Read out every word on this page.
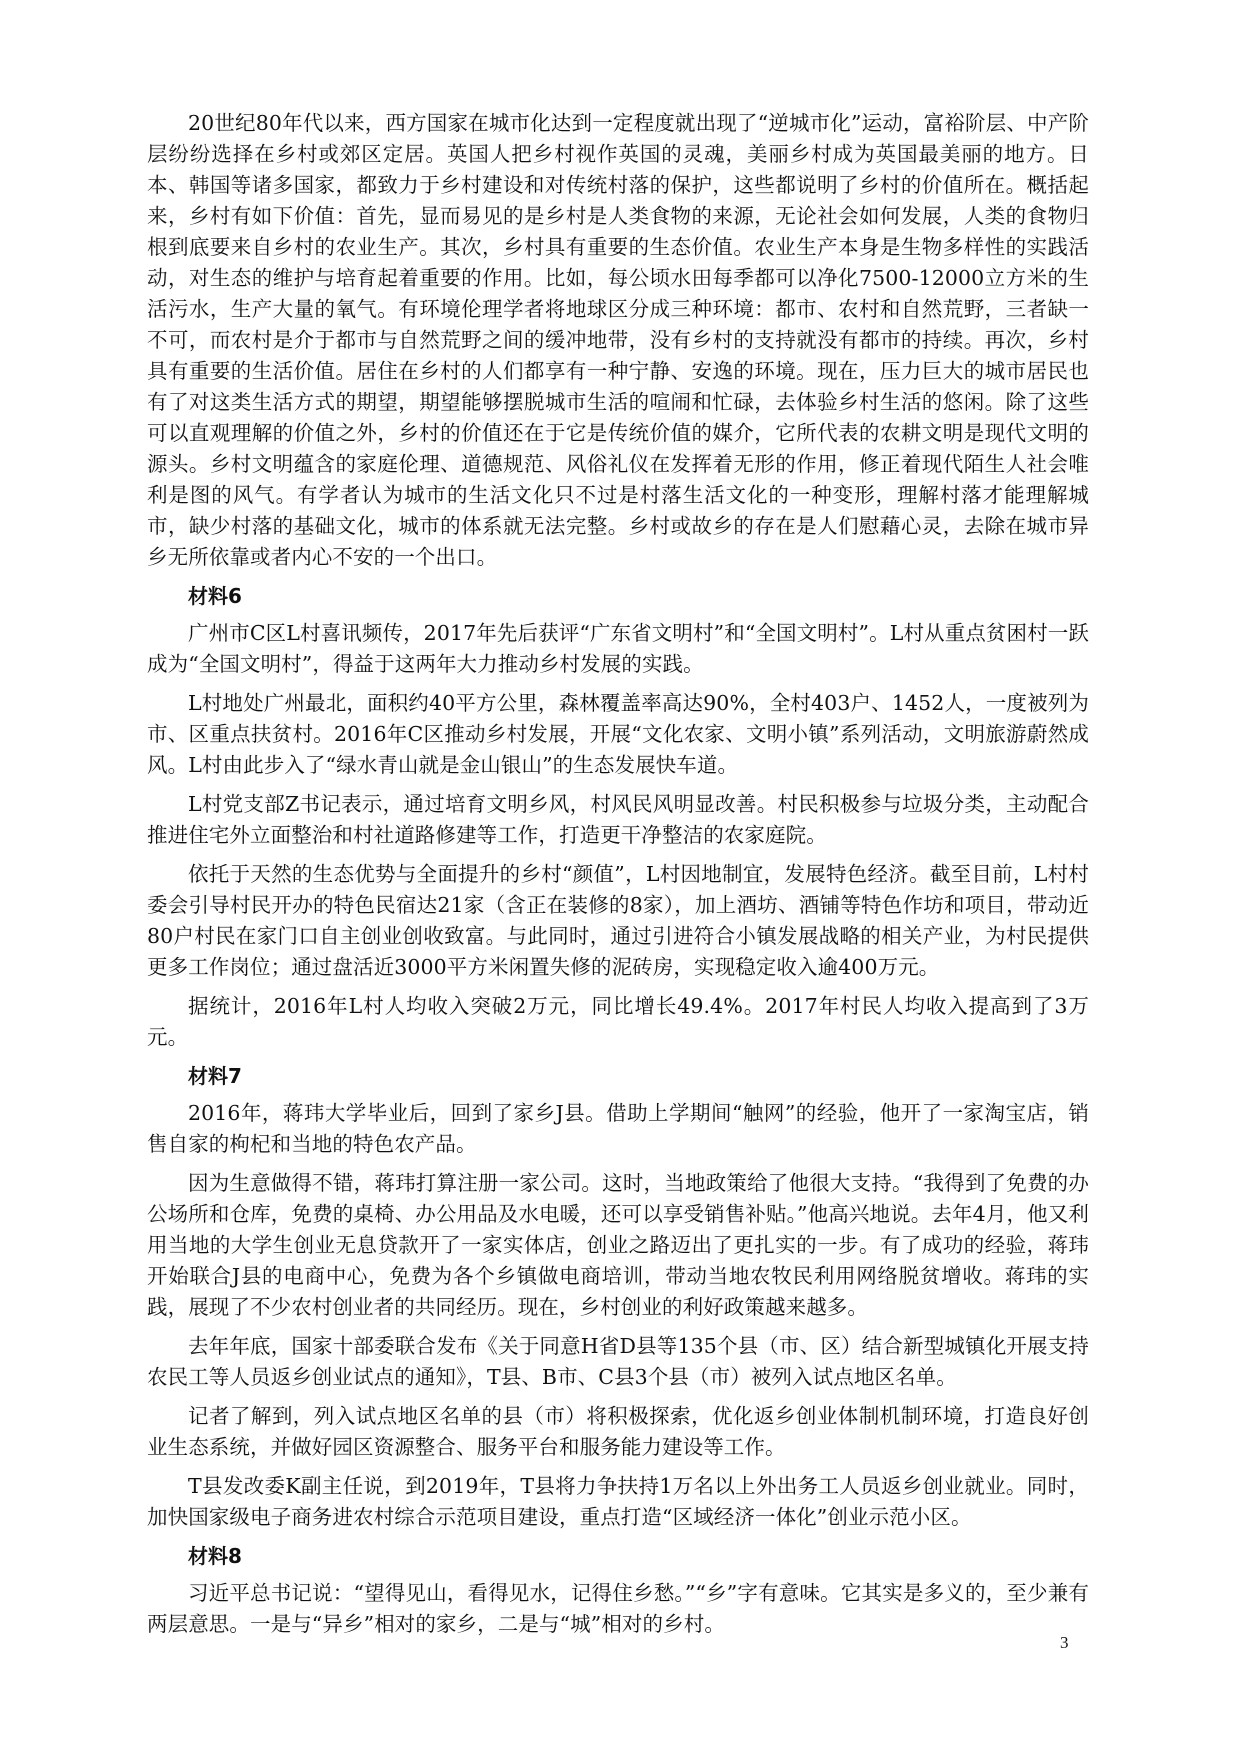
20世纪80年代以来，西方国家在城市化达到一定程度就出现了“逆城市化”运动，富裕阶层、中产阶层纷纷选择在乡村或郊区定居。英国人把乡村视作英国的灵魂，美丽乡村成为英国最美丽的地方。日本、韩国等诸多国家，都致力于乡村建设和对传统村落的保护，这些都说明了乡村的价值所在。概括起来，乡村有如下价值：首先，显而易见的是乡村是人类食物的来源，无论社会如何发展，人类的食物归根到底要来自乡村的农业生产。其次，乡村具有重要的生态价值。农业生产本身是生物多样性的实践活动，对生态的维护与培育起着重要的作用。比如，每公顷水田每季都可以净化7500-12000立方米的生活污水，生产大量的氧气。有环境伦理学者将地球区分成三种环境：都市、农村和自然荒野，三者缺一不可，而农村是介于都市与自然荒野之间的缓冲地带，没有乡村的支持就没有都市的持续。再次，乡村具有重要的生活价值。居住在乡村的人们都享有一种宁静、安逸的环境。现在，压力巨大的城市居民也有了对这类生活方式的期望，期望能够摆脱城市生活的喧闹和忙碌，去体验乡村生活的悠闲。除了这些可以直观理解的价值之外，乡村的价值还在于它是传统价值的媒介，它所代表的农耕文明是现代文明的源头。乡村文明蕴含的家庭伦理、道德规范、风俗礼仪在发挥着无形的作用，修正着现代陌生人社会唯利是图的风气。有学者认为城市的生活文化只不过是村落生活文化的一种变形，理解村落才能理解城市，缺少村落的基础文化，城市的体系就无法完整。乡村或故乡的存在是人们慰藉心灵，去除在城市异乡无所依靠或者内心不安的一个出口。

材料6

广州市C区L村喜讯频传，2017年先后获评“广东省文明村”和“全国文明村”。L村从重点贫困村一跃成为“全国文明村”，得益于这两年大力推动乡村发展的实践。

L村地处广州最北，面积约40平方公里，森林覆盖率高达90%，全村403户、1452人，一度被列为市、区重点扶贫村。2016年C区推动乡村发展，开展“文化农家、文明小镇”系列活动，文明旅游蔚然成风。L村由此步入了“绿水青山就是金山银山”的生态发展快车道。

L村党支部Z书记表示，通过培育文明乡风，村风民风明显改善。村民积极参与垃圾分类，主动配合推进住宅外立面整治和村社道路修建等工作，打造更干净整洁的农家庭院。

依托于天然的生态优势与全面提升的乡村“颜值”，L村因地制宜，发展特色经济。截至目前，L村村委会引导村民开办的特色民宿达21家（含正在装修的8家），加上酒坊、酒铺等特色作坊和项目，带动近80户村民在家门口自主创业创收致富。与此同时，通过引进符合小镇发展战略的相关产业，为村民提供更多工作岗位；通过盘活近3000平方米闲置失修的泥砖房，实现稳定收入逾400万元。

据统计，2016年L村人均收入突破2万元，同比增长49.4%。2017年村民人均收入提高到了3万元。

材料7

2016年，蒋玮大学毕业后，回到了家乡J县。借助上学期间“触网”的经验，他开了一家淘宝店，销售自家的枸杞和当地的特色农产品。

因为生意做得不错，蒋玮打算注册一家公司。这时，当地政策给了他很大支持。“我得到了免费的办公场所和仓库，免费的桌椅、办公用品及水电暖，还可以享受销售补贴。”他高兴地说。去年4月，他又利用当地的大学生创业无息贷款开了一家实体店，创业之路迈出了更扎实的一步。有了成功的经验，蒋玮开始联合J县的电商中心，免费为各个乡镇做电商培训，带动当地农牧民利用网络脱贫增收。蒋玮的实践，展现了不少农村创业者的共同经历。现在，乡村创业的利好政策越来越多。

去年年底，国家十部委联合发布《关于同意H省D县等135个县（市、区）结合新型城镇化开展支持农民工等人员返乡创业试点的通知》，T县、B市、C县3个县（市）被列入试点地区名单。

记者了解到，列入试点地区名单的县（市）将积极探索，优化返乡创业体制机制环境，打造良好创业生态系统，并做好园区资源整合、服务平台和服务能力建设等工作。

T县发改委K副主任说，到2019年，T县将力争扶持1万名以上外出务工人员返乡创业就业。同时，加快国家级电子商务进农村综合示范项目建设，重点打造“区域经济一体化”创业示范小区。

材料8

习近平总书记说：“望得见山，看得见水，记得住乡愁。”“乡”字有意味。它其实是多义的，至少兼有两层意思。一是与“异乡”相对的家乡，二是与“城”相对的乡村。

3
